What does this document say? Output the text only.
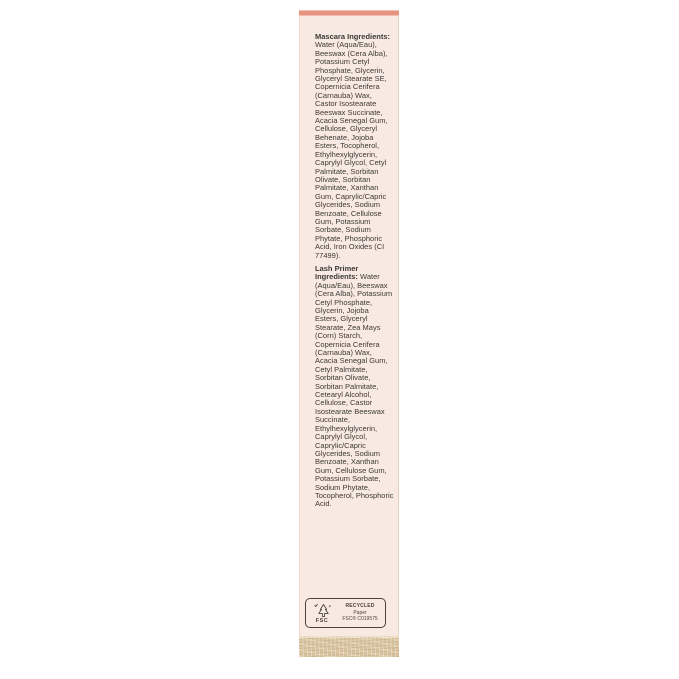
Mascara Ingredients: Water (Aqua/Eau), Beeswax (Cera Alba), Potassium Cetyl Phosphate, Glycerin, Glyceryl Stearate SE, Copernicia Cerifera (Carnauba) Wax, Castor Isostearate Beeswax Succinate, Acacia Senegal Gum, Cellulose, Glyceryl Behenate, Jojoba Esters, Tocopherol, Ethylhexylglycerin, Caprylyl Glycol, Cetyl Palmitate, Sorbitan Olivate, Sorbitan Palmitate, Xanthan Gum, Caprylic/Capric Glycerides, Sodium Benzoate, Cellulose Gum, Potassium Sorbate, Sodium Phytate, Phosphoric Acid, Iron Oxides (CI 77499).

Lash Primer Ingredients: Water (Aqua/Eau), Beeswax (Cera Alba), Potassium Cetyl Phosphate, Glycerin, Jojoba Esters, Glyceryl Stearate, Zea Mays (Corn) Starch, Copernicia Cerifera (Carnauba) Wax, Acacia Senegal Gum, Cetyl Palmitate, Sorbitan Olivate, Sorbitan Palmitate, Cetearyl Alcohol, Cellulose, Castor Isostearate Beeswax Succinate, Ethylhexylglycerin, Caprylyl Glycol, Caprylic/Capric Glycerides, Sodium Benzoate, Xanthan Gum, Cellulose Gum, Potassium Sorbate, Sodium Phytate, Tocopherol, Phosphoric Acid.

FSC
RECYCLED
Paper
FSC® C019575
